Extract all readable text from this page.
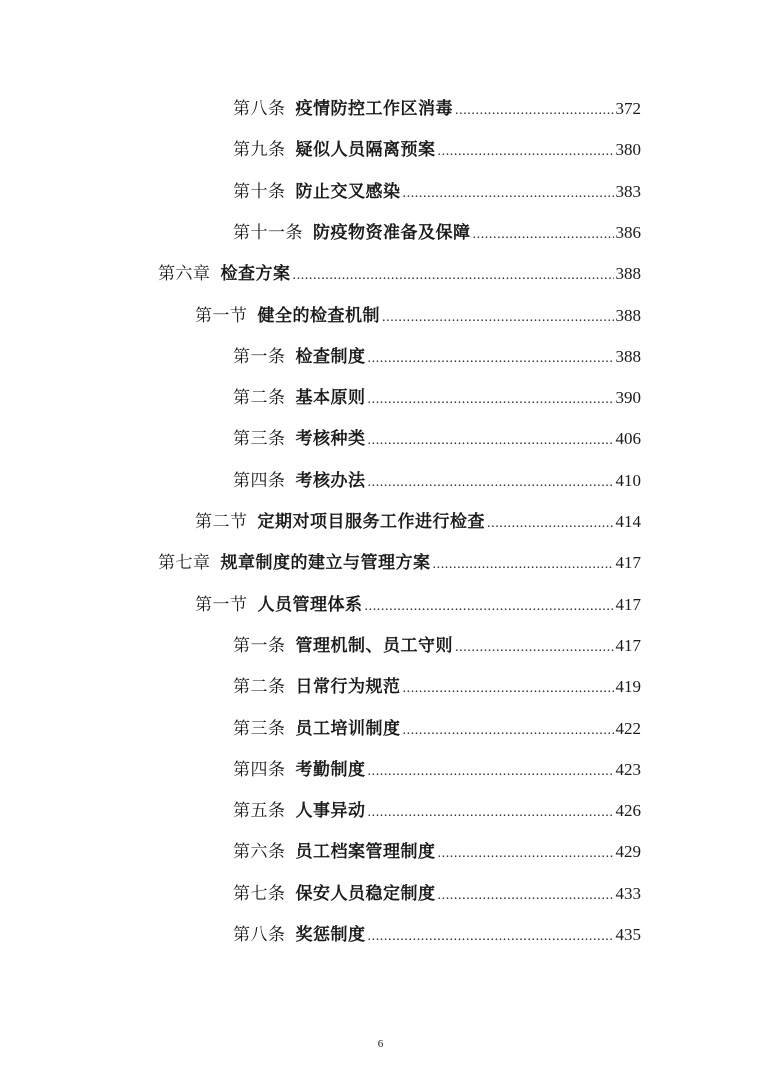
第八条 疫情防控工作区消毒 .....	372
第九条 疑似人员隔离预案 .....	380
第十条 防止交叉感染 .....	383
第十一条 防疫物资准备及保障 .....	386
第六章 检查方案 .....	388
第一节 健全的检查机制 .....	388
第一条 检查制度 .....	388
第二条 基本原则 .....	390
第三条 考核种类 .....	406
第四条 考核办法 .....	410
第二节 定期对项目服务工作进行检查 .....	414
第七章 规章制度的建立与管理方案 .....	417
第一节 人员管理体系 .....	417
第一条 管理机制、员工守则 .....	417
第二条 日常行为规范 .....	419
第三条 员工培训制度 .....	422
第四条 考勤制度 .....	423
第五条 人事异动 .....	426
第六条 员工档案管理制度 .....	429
第七条 保安人员稳定制度 .....	433
第八条 奖惩制度 .....	435
6
